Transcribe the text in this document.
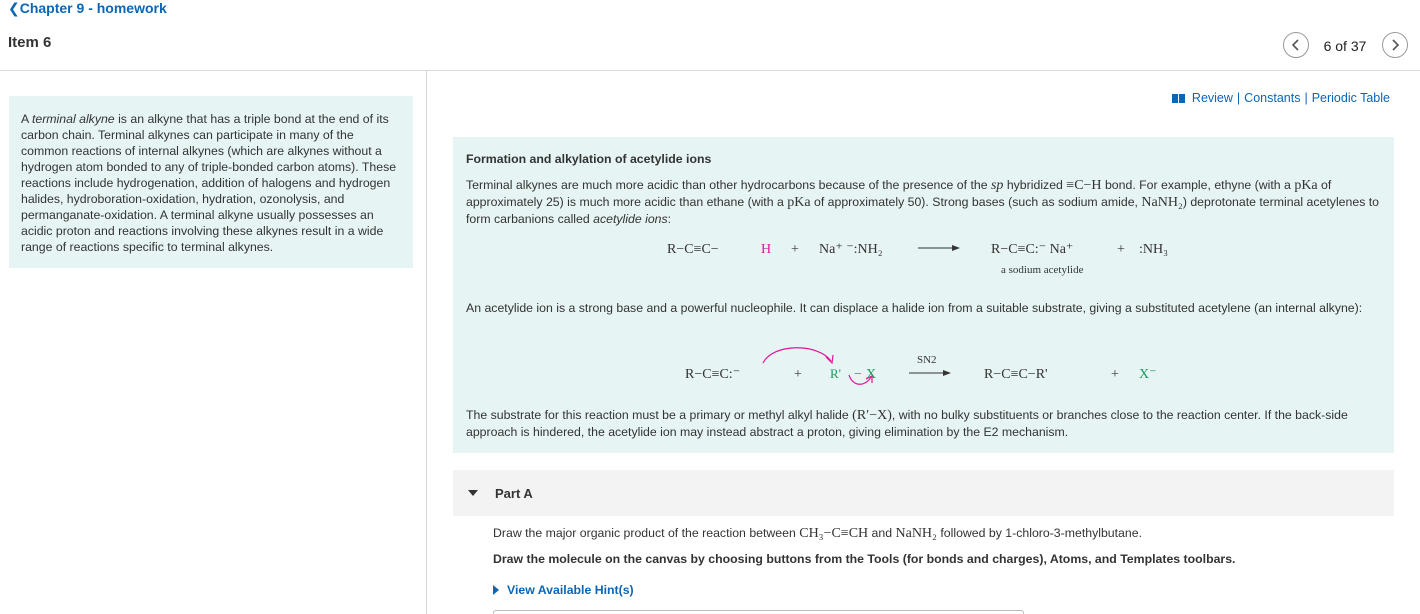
❮Chapter 9 - homework
Item 6	6 of 37
A terminal alkyne is an alkyne that has a triple bond at the end of its carbon chain. Terminal alkynes can participate in many of the common reactions of internal alkynes (which are alkynes without a hydrogen atom bonded to any of triple-bonded carbon atoms). These reactions include hydrogenation, addition of halogens and hydrogen halides, hydroboration-oxidation, hydration, ozonolysis, and permanganate-oxidation. A terminal alkyne usually possesses an acidic proton and reactions involving these alkynes result in a wide range of reactions specific to terminal alkynes.
Review | Constants | Periodic Table
Formation and alkylation of acetylide ions
Terminal alkynes are much more acidic than other hydrocarbons because of the presence of the sp hybridized ≡C−H bond. For example, ethyne (with a pKa of approximately 25) is much more acidic than ethane (with a pKa of approximately 50). Strong bases (such as sodium amide, NaNH₂) deprotonate terminal acetylenes to form carbanions called acetylide ions:
R−C≡C−	H + Na⁺ ⁻:NH₂	R−C≡C:⁻ Na⁺	+ :NH₃
a sodium acetylide
An acetylide ion is a strong base and a powerful nucleophile. It can displace a halide ion from a suitable substrate, giving a substituted acetylene (an internal alkyne):
R−C≡C:⁻	+ R' − X
SN2
R−C≡C−R'	+ X⁻
The substrate for this reaction must be a primary or methyl alkyl halide (R′−X), with no bulky substituents or branches close to the reaction center. If the back-side approach is hindered, the acetylide ion may instead abstract a proton, giving elimination by the E2 mechanism.
Part A
Draw the major organic product of the reaction between CH₃−C≡CH and NaNH₂ followed by 1-chloro-3-methylbutane.
Draw the molecule on the canvas by choosing buttons from the Tools (for bonds and charges), Atoms, and Templates toolbars.
View Available Hint(s)
